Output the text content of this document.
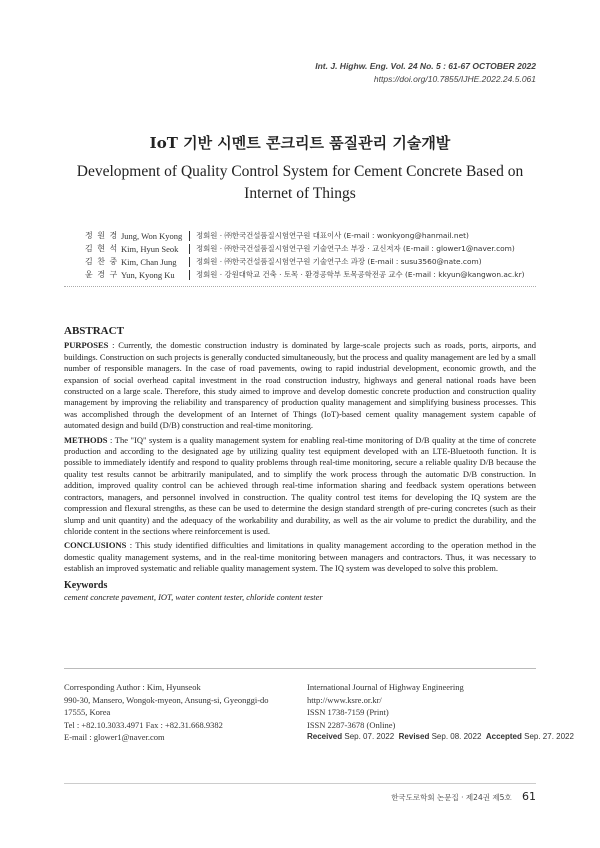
Int. J. Highw. Eng. Vol. 24 No. 5 : 61-67 OCTOBER 2022
https://doi.org/10.7855/IJHE.2022.24.5.061
IoT 기반 시멘트 콘크리트 품질관리 기술개발
Development of Quality Control System for Cement Concrete Based on Internet of Things
정 원 경 Jung, Won Kyong	정회원 · ㈜한국건설품질시험연구원 대표이사 (E-mail : wonkyong@hanmail.net)
김 현 석 Kim, Hyun Seok	정회원 · ㈜한국건설품질시험연구원 기술연구소 부장 · 교신저자 (E-mail : glower1@naver.com)
김 찬 중 Kim, Chan Jung	정회원 · ㈜한국건설품질시험연구원 기술연구소 과장 (E-mail : susu3560@nate.com)
윤 경 구 Yun, Kyong Ku	정회원 · 강원대학교 건축 · 토목 · 환경공학부 토목공학전공 교수 (E-mail : kkyun@kangwon.ac.kr)
ABSTRACT

PURPOSES : Currently, the domestic construction industry is dominated by large-scale projects such as roads, ports, airports, and buildings. Construction on such projects is generally conducted simultaneously, but the process and quality management are led by a small number of responsible managers. In the case of road pavements, owing to rapid industrial development, economic growth, and the expansion of social overhead capital investment in the road construction industry, highways and general national roads have been constructed on a large scale. Therefore, this study aimed to improve and develop domestic concrete production and construction quality management by improving the reliability and transparency of production quality management and simplifying business processes. This was accomplished through the development of an Internet of Things (IoT)-based cement quality management system capable of automated design and build (D/B) construction and real-time monitoring.

METHODS : The "IQ" system is a quality management system for enabling real-time monitoring of D/B quality at the time of concrete production and according to the designated age by utilizing quality test equipment developed with an LTE-Bluetooth function. It is possible to immediately identify and respond to quality problems through real-time monitoring, secure a reliable quality D/B because the quality test results cannot be arbitrarily manipulated, and to simplify the work process through the automatic D/B construction. In addition, improved quality control can be achieved through real-time information sharing and feedback system operations between contractors, managers, and personnel involved in construction. The quality control test items for developing the IQ system are the compression and flexural strengths, as these can be used to determine the design standard strength of pre-curing concretes (such as their slump and unit quantity) and the adequacy of the workability and durability, as well as the air volume to predict the durability, and the chloride content in the sections where reinforcement is used.

CONCLUSIONS : This study identified difficulties and limitations in quality management according to the operation method in the domestic quality management systems, and in the real-time monitoring between managers and contractors. Thus, it was necessary to establish an improved systematic and reliable quality management system. The IQ system was developed to solve this problem.

Keywords
cement concrete pavement, IOT, water content tester, chloride content tester
Corresponding Author : Kim, Hyunseok
990-30, Mansero, Wongok-myeon, Ansung-si, Gyeonggi-do
17555, Korea
Tel : +82.10.3033.4971 Fax : +82.31.668.9382
E-mail : glower1@naver.com
International Journal of Highway Engineering
http://www.ksre.or.kr/
ISSN 1738-7159 (Print)
ISSN 2287-3678 (Online)
Received Sep. 07. 2022 Revised Sep. 08. 2022 Accepted Sep. 27. 2022
한국도로학회 논문집 · 제24권 제5호 61
